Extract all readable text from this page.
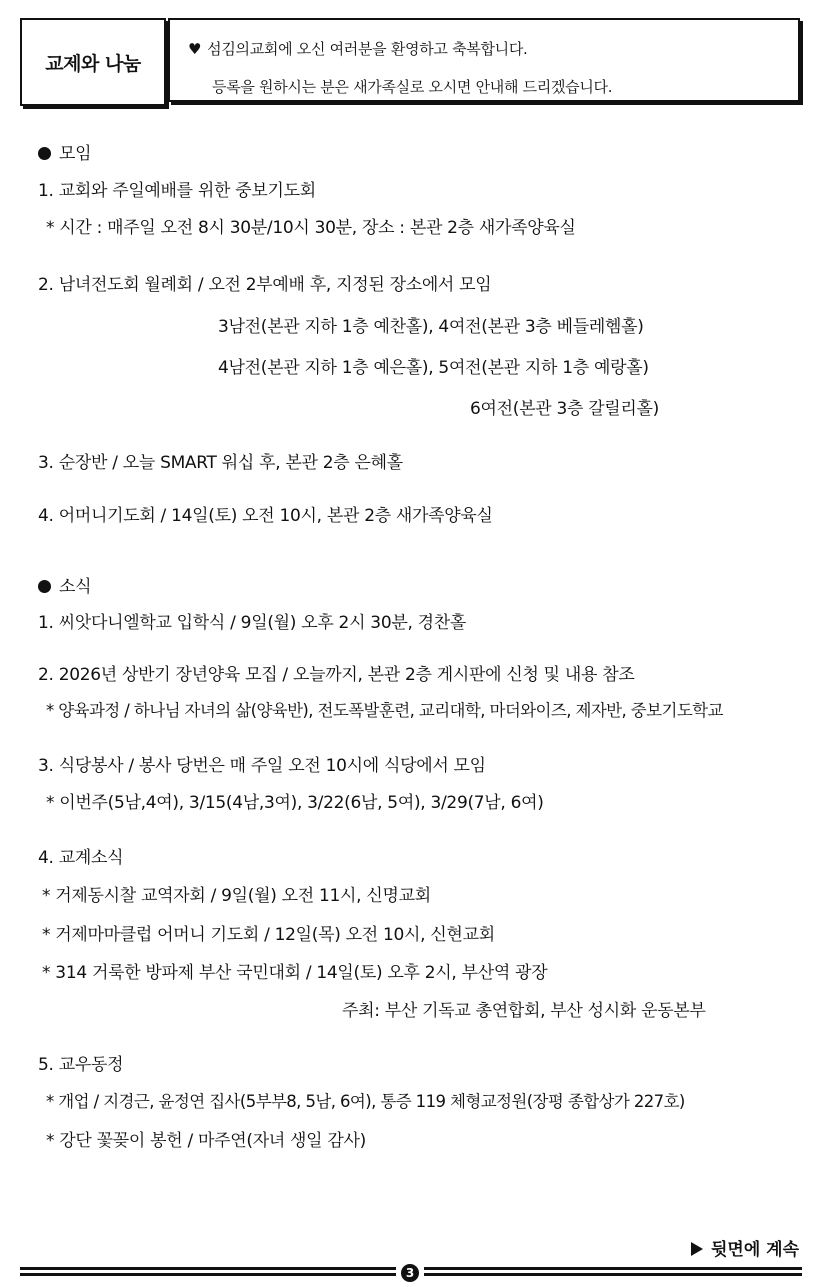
교제와 나눔
♥ 섬김의교회에 오신 여러분을 환영하고 축복합니다.
등록을 원하시는 분은 새가족실로 오시면 안내해 드리겠습니다.
모임
1. 교회와 주일예배를 위한 중보기도회
* 시간 : 매주일 오전 8시 30분/10시 30분, 장소 : 본관 2층 새가족양육실
2. 남녀전도회 월례회 / 오전 2부예배 후, 지정된 장소에서 모임
3남전(본관 지하 1층 예찬홀), 4여전(본관 3층 베들레헴홀)
4남전(본관 지하 1층 예은홀), 5여전(본관 지하 1층 예랑홀)
6여전(본관 3층 갈릴리홀)
3. 순장반 / 오늘 SMART 워십 후, 본관 2층 은혜홀
4. 어머니기도회 / 14일(토) 오전 10시, 본관 2층 새가족양육실
소식
1. 씨앗다니엘학교 입학식 / 9일(월) 오후 2시 30분, 경찬홀
2. 2026년 상반기 장년양육 모집 / 오늘까지, 본관 2층 게시판에 신청 및 내용 참조
* 양육과정 / 하나님 자녀의 삶(양육반), 전도폭발훈련, 교리대학, 마더와이즈, 제자반, 중보기도학교
3. 식당봉사 / 봉사 당번은 매 주일 오전 10시에 식당에서 모임
* 이번주(5남,4여), 3/15(4남,3여), 3/22(6남, 5여), 3/29(7남, 6여)
4. 교계소식
* 거제동시찰 교역자회 / 9일(월) 오전 11시, 신명교회
* 거제마마클럽 어머니 기도회 / 12일(목) 오전 10시, 신현교회
* 314 거룩한 방파제 부산 국민대회 / 14일(토) 오후 2시, 부산역 광장
주최: 부산 기독교 총연합회, 부산 성시화 운동본부
5. 교우동정
* 개업 / 지경근, 윤정연 집사(5부부8, 5남, 6여), 통증 119 체형교정원(장평 종합상가 227호)
* 강단 꽃꽂이 봉헌 / 마주연(자녀 생일 감사)
뒷면에 계속
3
